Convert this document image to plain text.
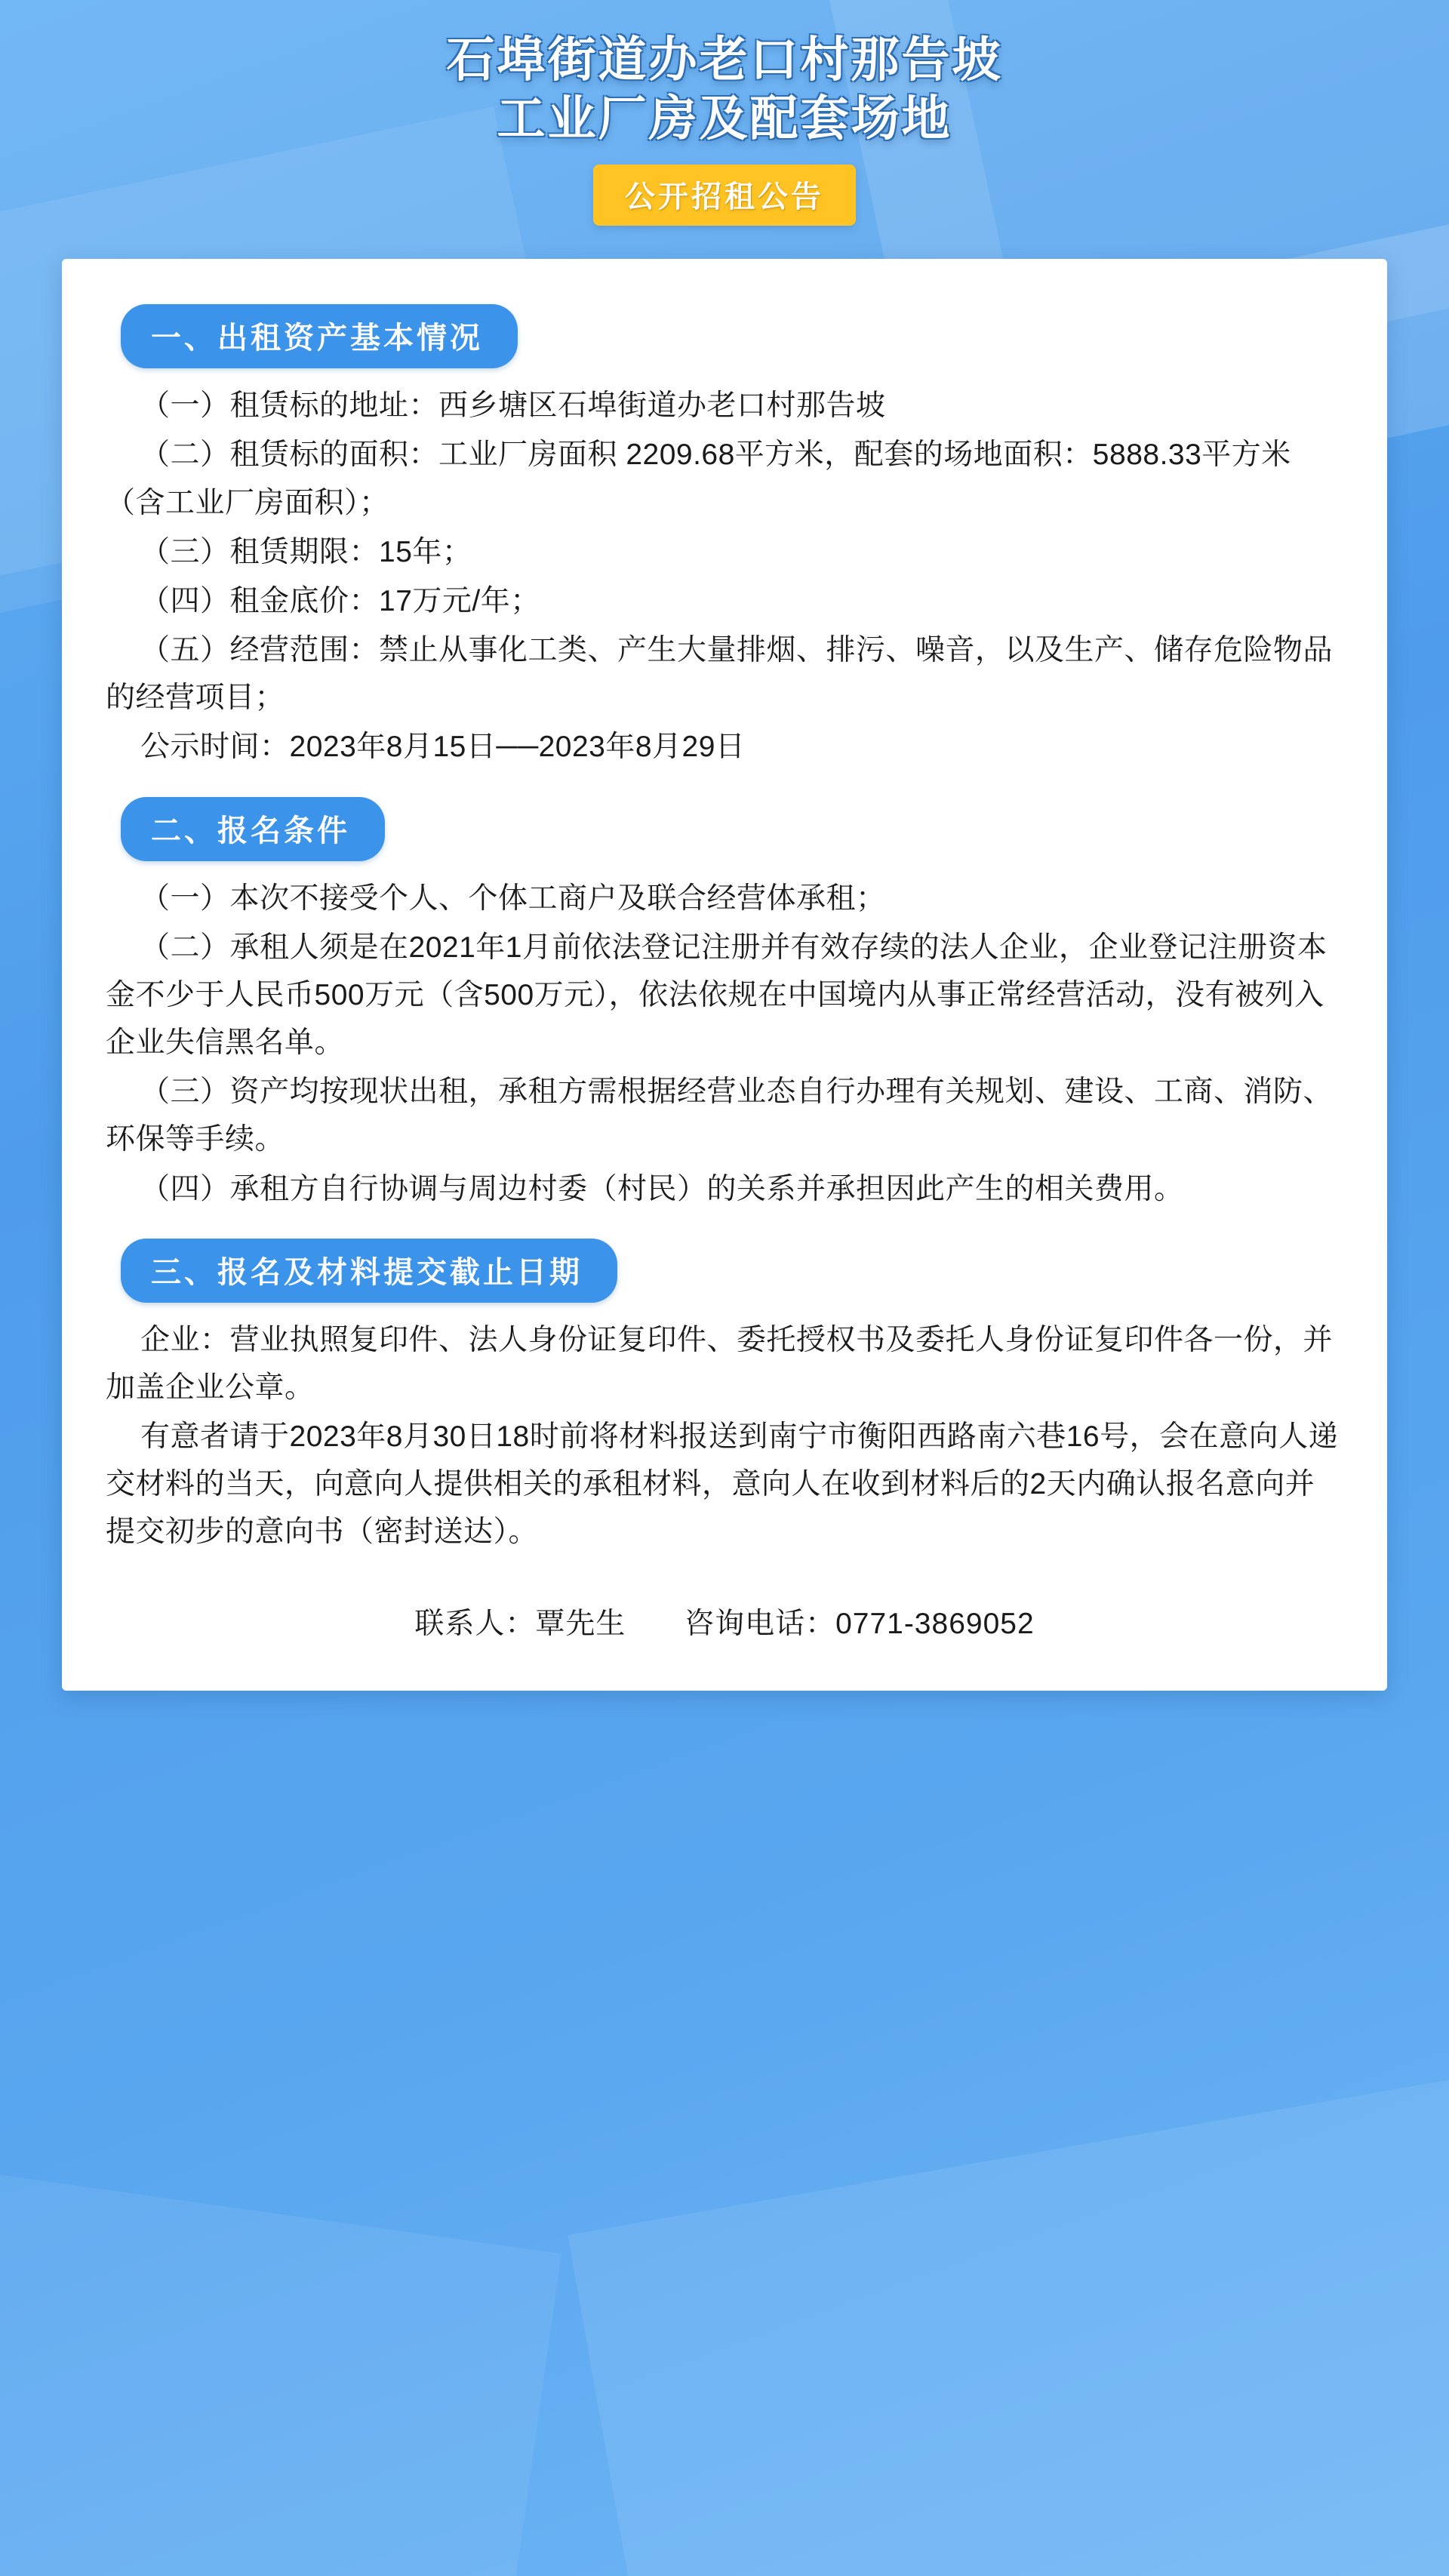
石埠街道办老口村那告坡
工业厂房及配套场地
公开招租公告
一、出租资产基本情况

（一）租赁标的地址：西乡塘区石埠街道办老口村那告坡

（二）租赁标的面积：工业厂房面积 2209.68平方米，配套的场地面积：5888.33平方米（含工业厂房面积）；

（三）租赁期限：15年；

（四）租金底价：17万元/年；

（五）经营范围：禁止从事化工类、产生大量排烟、排污、噪音，以及生产、储存危险物品的经营项目；

公示时间：2023年8月15日──2023年8月29日

二、报名条件

（一）本次不接受个人、个体工商户及联合经营体承租；

（二）承租人须是在2021年1月前依法登记注册并有效存续的法人企业，企业登记注册资本金不少于人民币500万元（含500万元），依法依规在中国境内从事正常经营活动，没有被列入企业失信黑名单。

（三）资产均按现状出租，承租方需根据经营业态自行办理有关规划、建设、工商、消防、环保等手续。

（四）承租方自行协调与周边村委（村民）的关系并承担因此产生的相关费用。

三、报名及材料提交截止日期

企业：营业执照复印件、法人身份证复印件、委托授权书及委托人身份证复印件各一份，并加盖企业公章。

有意者请于2023年8月30日18时前将材料报送到南宁市衡阳西路南六巷16号，会在意向人递交材料的当天，向意向人提供相关的承租材料，意向人在收到材料后的2天内确认报名意向并提交初步的意向书（密封送达）。

联系人：覃先生 咨询电话：0771-3869052
